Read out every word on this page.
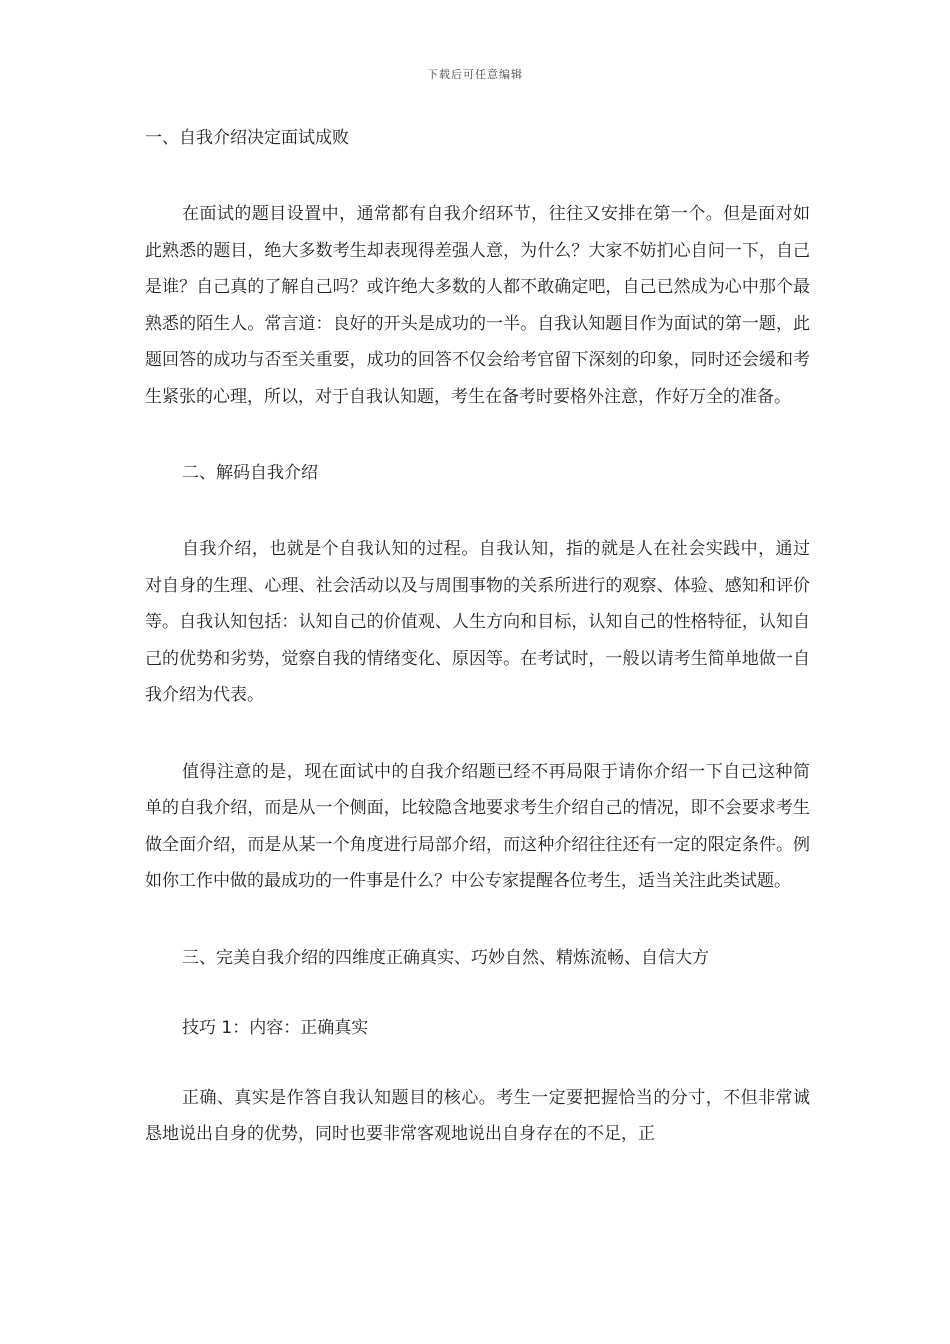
下载后可任意编辑
一、自我介绍决定面试成败

在面试的题目设置中，通常都有自我介绍环节，往往又安排在第一个。但是面对如此熟悉的题目，绝大多数考生却表现得差强人意，为什么？大家不妨扪心自问一下，自己是谁？自己真的了解自己吗？或许绝大多数的人都不敢确定吧，自己已然成为心中那个最熟悉的陌生人。常言道：良好的开头是成功的一半。自我认知题目作为面试的第一题，此题回答的成功与否至关重要，成功的回答不仅会给考官留下深刻的印象，同时还会缓和考生紧张的心理，所以，对于自我认知题，考生在备考时要格外注意，作好万全的准备。

二、解码自我介绍

自我介绍，也就是个自我认知的过程。自我认知，指的就是人在社会实践中，通过对自身的生理、心理、社会活动以及与周围事物的关系所进行的观察、体验、感知和评价等。自我认知包括：认知自己的价值观、人生方向和目标，认知自己的性格特征，认知自己的优势和劣势，觉察自我的情绪变化、原因等。在考试时，一般以请考生简单地做一自我介绍为代表。

值得注意的是，现在面试中的自我介绍题已经不再局限于请你介绍一下自己这种简单的自我介绍，而是从一个侧面，比较隐含地要求考生介绍自己的情况，即不会要求考生做全面介绍，而是从某一个角度进行局部介绍，而这种介绍往往还有一定的限定条件。例如你工作中做的最成功的一件事是什么？中公专家提醒各位考生，适当关注此类试题。

三、完美自我介绍的四维度正确真实、巧妙自然、精炼流畅、自信大方
技巧 1：内容：正确真实

正确、真实是作答自我认知题目的核心。考生一定要把握恰当的分寸，不但非常诚恳地说出自身的优势，同时也要非常客观地说出自身存在的不足，正
